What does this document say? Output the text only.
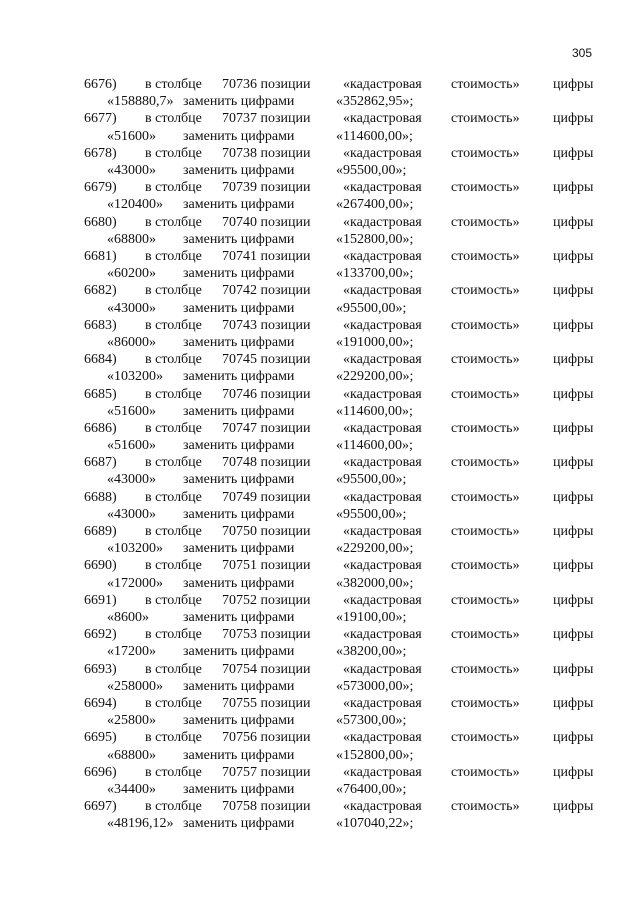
305
6676) в столбце 70736 позиции «кадастровая стоимость» цифры
«158880,7» заменить цифрами	«352862,95»;
6677) в столбце 70737 позиции «кадастровая стоимость» цифры
«51600» заменить цифрами	«114600,00»;
6678) в столбце 70738 позиции «кадастровая стоимость» цифры
«43000» заменить цифрами	«95500,00»;
6679) в столбце 70739 позиции «кадастровая стоимость» цифры
«120400» заменить цифрами	«267400,00»;
6680) в столбце 70740 позиции «кадастровая стоимость» цифры
«68800» заменить цифрами	«152800,00»;
6681) в столбце 70741 позиции «кадастровая стоимость» цифры
«60200» заменить цифрами	«133700,00»;
6682) в столбце 70742 позиции «кадастровая стоимость» цифры
«43000» заменить цифрами	«95500,00»;
6683) в столбце 70743 позиции «кадастровая стоимость» цифры
«86000» заменить цифрами	«191000,00»;
6684) в столбце 70745 позиции «кадастровая стоимость» цифры
«103200» заменить цифрами	«229200,00»;
6685) в столбце 70746 позиции «кадастровая стоимость» цифры
«51600» заменить цифрами	«114600,00»;
6686) в столбце 70747 позиции «кадастровая стоимость» цифры
«51600» заменить цифрами	«114600,00»;
6687) в столбце 70748 позиции «кадастровая стоимость» цифры
«43000» заменить цифрами	«95500,00»;
6688) в столбце 70749 позиции «кадастровая стоимость» цифры
«43000» заменить цифрами	«95500,00»;
6689) в столбце 70750 позиции «кадастровая стоимость» цифры
«103200» заменить цифрами	«229200,00»;
6690) в столбце 70751 позиции «кадастровая стоимость» цифры
«172000» заменить цифрами	«382000,00»;
6691) в столбце 70752 позиции «кадастровая стоимость» цифры
«8600» заменить цифрами	«19100,00»;
6692) в столбце 70753 позиции «кадастровая стоимость» цифры
«17200» заменить цифрами	«38200,00»;
6693) в столбце 70754 позиции «кадастровая стоимость» цифры
«258000» заменить цифрами	«573000,00»;
6694) в столбце 70755 позиции «кадастровая стоимость» цифры
«25800» заменить цифрами	«57300,00»;
6695) в столбце 70756 позиции «кадастровая стоимость» цифры
«68800» заменить цифрами	«152800,00»;
6696) в столбце 70757 позиции «кадастровая стоимость» цифры
«34400» заменить цифрами	«76400,00»;
6697) в столбце 70758 позиции «кадастровая стоимость» цифры
«48196,12» заменить цифрами	«107040,22»;
